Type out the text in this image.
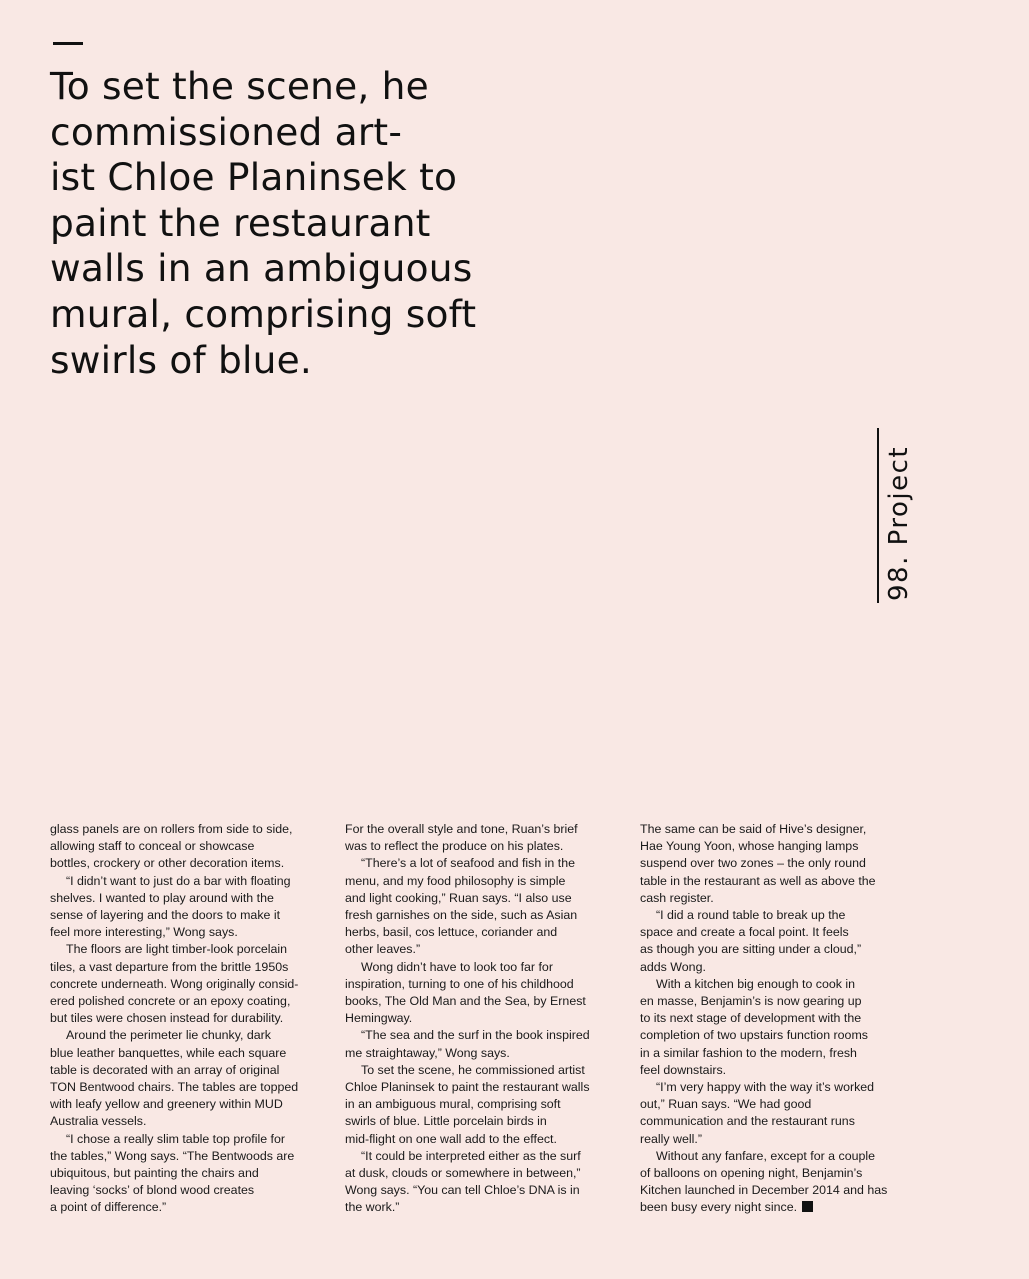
To set the scene, he
commissioned art-
ist Chloe Planinsek to
paint the restaurant
walls in an ambiguous
mural, comprising soft
swirls of blue.
98. Project
glass panels are on rollers from side to side,
allowing staff to conceal or showcase
bottles, crockery or other decoration items.
“I didn’t want to just do a bar with floating
shelves. I wanted to play around with the
sense of layering and the doors to make it
feel more interesting,” Wong says.
The floors are light timber-look porcelain
tiles, a vast departure from the brittle 1950s
concrete underneath. Wong originally consid-
ered polished concrete or an epoxy coating,
but tiles were chosen instead for durability.
Around the perimeter lie chunky, dark
blue leather banquettes, while each square
table is decorated with an array of original
TON Bentwood chairs. The tables are topped
with leafy yellow and greenery within MUD
Australia vessels.
“I chose a really slim table top profile for
the tables,” Wong says. “The Bentwoods are
ubiquitous, but painting the chairs and
leaving ‘socks’ of blond wood creates
a point of difference.”
For the overall style and tone, Ruan’s brief
was to reflect the produce on his plates.
“There’s a lot of seafood and fish in the
menu, and my food philosophy is simple
and light cooking,” Ruan says. “I also use
fresh garnishes on the side, such as Asian
herbs, basil, cos lettuce, coriander and
other leaves.”
Wong didn’t have to look too far for
inspiration, turning to one of his childhood
books, The Old Man and the Sea, by Ernest
Hemingway.
“The sea and the surf in the book inspired
me straightaway,” Wong says.
To set the scene, he commissioned artist
Chloe Planinsek to paint the restaurant walls
in an ambiguous mural, comprising soft
swirls of blue. Little porcelain birds in
mid-flight on one wall add to the effect.
“It could be interpreted either as the surf
at dusk, clouds or somewhere in between,”
Wong says. “You can tell Chloe’s DNA is in
the work.”
The same can be said of Hive’s designer,
Hae Young Yoon, whose hanging lamps
suspend over two zones – the only round
table in the restaurant as well as above the
cash register.
“I did a round table to break up the
space and create a focal point. It feels
as though you are sitting under a cloud,”
adds Wong.
With a kitchen big enough to cook in
en masse, Benjamin’s is now gearing up
to its next stage of development with the
completion of two upstairs function rooms
in a similar fashion to the modern, fresh
feel downstairs.
“I’m very happy with the way it’s worked
out,” Ruan says. “We had good
communication and the restaurant runs
really well.”
Without any fanfare, except for a couple
of balloons on opening night, Benjamin’s
Kitchen launched in December 2014 and has
been busy every night since.
